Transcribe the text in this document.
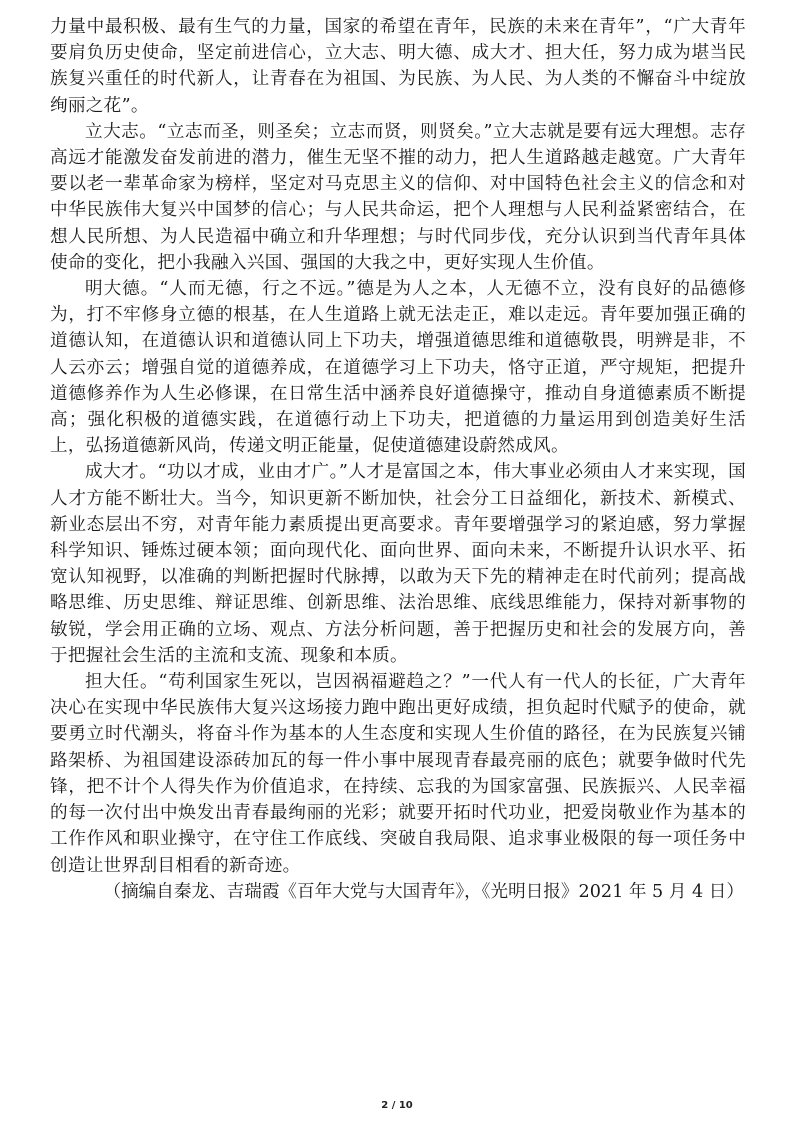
力量中最积极、最有生气的力量，国家的希望在青年，民族的未来在青年”，“广大青年要肩负历史使命，坚定前进信心，立大志、明大德、成大才、担大任，努力成为堪当民族复兴重任的时代新人，让青春在为祖国、为民族、为人民、为人类的不懈奋斗中绽放绚丽之花”。

立大志。“立志而圣，则圣矣；立志而贤，则贤矣。”立大志就是要有远大理想。志存高远才能激发奋发前进的潜力，催生无坚不摧的动力，把人生道路越走越宽。广大青年要以老一辈革命家为榜样，坚定对马克思主义的信仰、对中国特色社会主义的信念和对中华民族伟大复兴中国梦的信心；与人民共命运，把个人理想与人民利益紧密结合，在想人民所想、为人民造福中确立和升华理想；与时代同步伐，充分认识到当代青年具体使命的变化，把小我融入兴国、强国的大我之中，更好实现人生价值。

明大德。“人而无德，行之不远。”德是为人之本，人无德不立，没有良好的品德修为，打不牢修身立德的根基，在人生道路上就无法走正，难以走远。青年要加强正确的道德认知，在道德认识和道德认同上下功夫，增强道德思维和道德敬畏，明辨是非，不人云亦云；增强自觉的道德养成，在道德学习上下功夫，恪守正道，严守规矩，把提升道德修养作为人生必修课，在日常生活中涵养良好道德操守，推动自身道德素质不断提高；强化积极的道德实践，在道德行动上下功夫，把道德的力量运用到创造美好生活上，弘扬道德新风尚，传递文明正能量，促使道德建设蔚然成风。

成大才。“功以才成，业由才广。”人才是富国之本，伟大事业必须由人才来实现，国人才方能不断壮大。当今，知识更新不断加快，社会分工日益细化，新技术、新模式、新业态层出不穷，对青年能力素质提出更高要求。青年要增强学习的紧迫感，努力掌握科学知识、锤炼过硬本领；面向现代化、面向世界、面向未来，不断提升认识水平、拓宽认知视野，以准确的判断把握时代脉搏，以敢为天下先的精神走在时代前列；提高战略思维、历史思维、辩证思维、创新思维、法治思维、底线思维能力，保持对新事物的敏锐，学会用正确的立场、观点、方法分析问题，善于把握历史和社会的发展方向，善于把握社会生活的主流和支流、现象和本质。

担大任。“苟利国家生死以，岂因祸福避趋之？”一代人有一代人的长征，广大青年决心在实现中华民族伟大复兴这场接力跑中跑出更好成绩，担负起时代赋予的使命，就要勇立时代潮头，将奋斗作为基本的人生态度和实现人生价值的路径，在为民族复兴铺路架桥、为祖国建设添砖加瓦的每一件小事中展现青春最亮丽的底色；就要争做时代先锋，把不计个人得失作为价值追求，在持续、忘我的为国家富强、民族振兴、人民幸福的每一次付出中焕发出青春最绚丽的光彩；就要开拓时代功业，把爱岗敬业作为基本的工作作风和职业操守，在守住工作底线、突破自我局限、追求事业极限的每一项任务中创造让世界刮目相看的新奇迹。

（摘编自秦龙、吉瑞霞《百年大党与大国青年》，《光明日报》2021 年 5 月 4 日）

2 / 10
